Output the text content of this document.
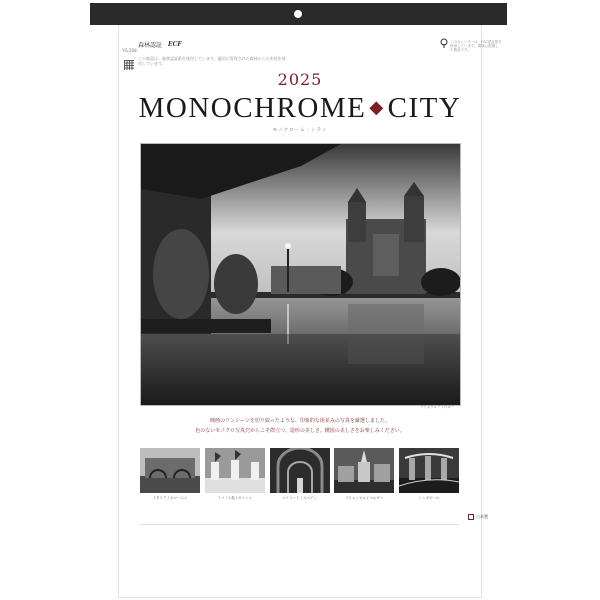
YG-208
森林認証 ECF
この商品は、森林認証紙を使用しています。適切に管理された森林からの木材を使用しています。
このカレンダーは、FSC認証紙を使用しています。環境に配慮した製品です。
2025
MONOCHROME ◆ CITY
モノクローム・シティ
アイスクエア / ペルー
映画のワンシーンを切り取ったような、印象的な街並みの写真を厳選しました。
色のないモノクロ写真だからこそ際立つ、造形の美しさ。構図の美しさをお楽しみください。
イタリア / ボローニャ	ミコノス島 / ギリシャ	マドリード / スペイン	ブリュッセル / ベルギー	シンガポール
日本製
